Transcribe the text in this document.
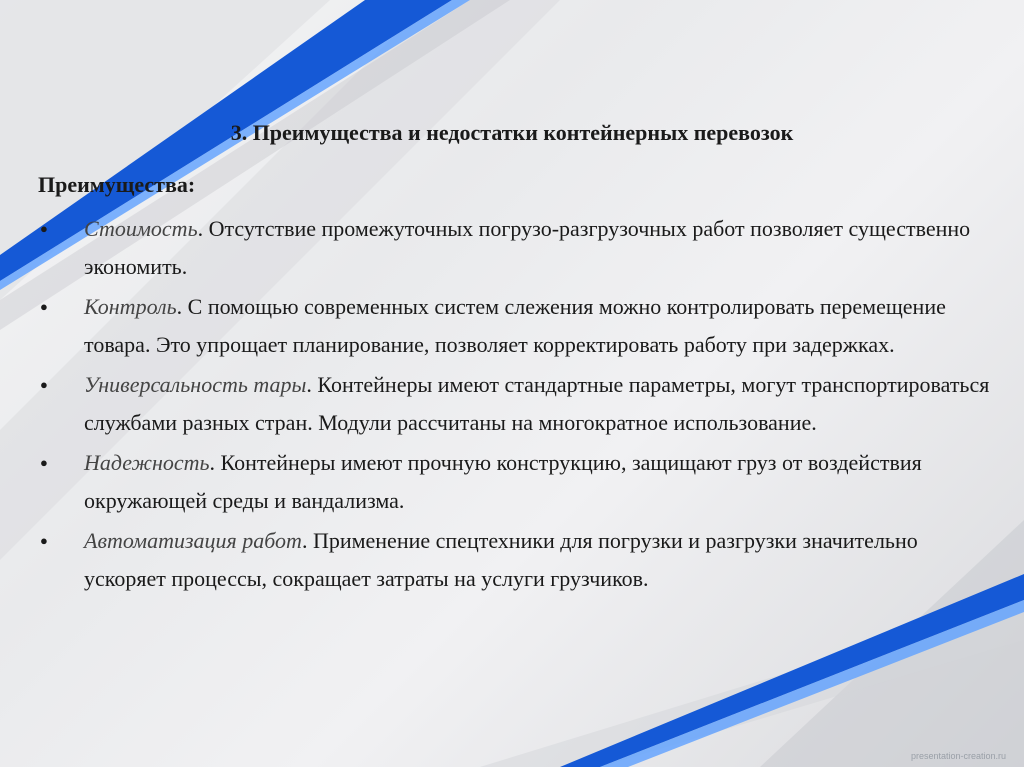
3. Преимущества и недостатки контейнерных перевозок
Преимущества:
● Стоимость. Отсутствие промежуточных погрузо-разгрузочных работ позволяет существенно экономить.
● Контроль. С помощью современных систем слежения можно контролировать перемещение товара. Это упрощает планирование, позволяет корректировать работу при задержках.
● Универсальность тары. Контейнеры имеют стандартные параметры, могут транспортироваться службами разных стран. Модули рассчитаны на многократное использование.
● Надежность. Контейнеры имеют прочную конструкцию, защищают груз от воздействия окружающей среды и вандализма.
● Автоматизация работ. Применение спецтехники для погрузки и разгрузки значительно ускоряет процессы, сокращает затраты на услуги грузчиков.
presentation-creation.ru
